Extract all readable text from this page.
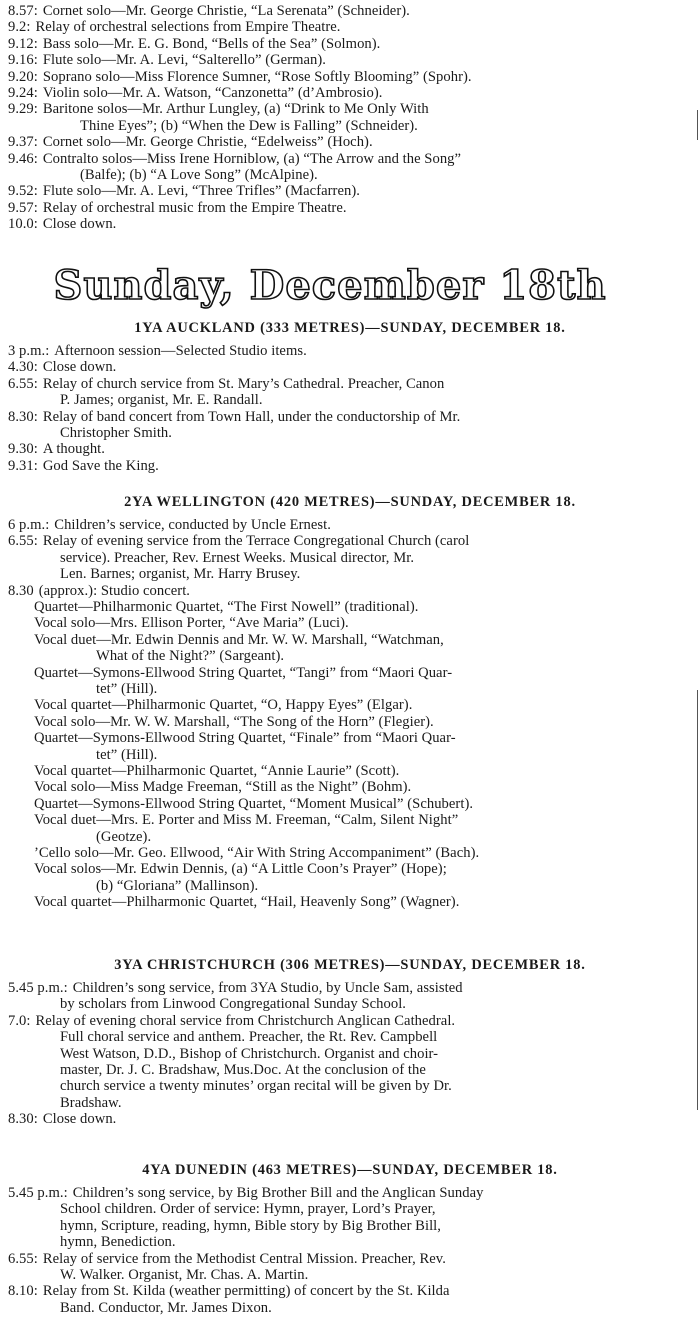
Sunday, December 18th
8.57: Cornet solo—Mr. George Christie, “La Serenata” (Schneider).
9.2: Relay of orchestral selections from Empire Theatre.
9.12: Bass solo—Mr. E. G. Bond, “Bells of the Sea” (Solmon).
9.16: Flute solo—Mr. A. Levi, “Salterello” (German).
9.20: Soprano solo—Miss Florence Sumner, “Rose Softly Blooming” (Spohr).
9.24: Violin solo—Mr. A. Watson, “Canzonetta” (d’Ambrosio).
9.29: Baritone solos—Mr. Arthur Lungley, (a) “Drink to Me Only With
Thine Eyes”; (b) “When the Dew is Falling” (Schneider).
9.37: Cornet solo—Mr. George Christie, “Edelweiss” (Hoch).
9.46: Contralto solos—Miss Irene Horniblow, (a) “The Arrow and the Song”
(Balfe); (b) “A Love Song” (McAlpine).
9.52: Flute solo—Mr. A. Levi, “Three Trifles” (Macfarren).
9.57: Relay of orchestral music from the Empire Theatre.
10.0: Close down.
1YA AUCKLAND (333 METRES)—SUNDAY, DECEMBER 18.
3 p.m.: Afternoon session—Selected Studio items.
4.30: Close down.
6.55: Relay of church service from St. Mary’s Cathedral. Preacher, Canon
P. James; organist, Mr. E. Randall.
8.30: Relay of band concert from Town Hall, under the conductorship of Mr.
Christopher Smith.
9.30: A thought.
9.31: God Save the King.
2YA WELLINGTON (420 METRES)—SUNDAY, DECEMBER 18.
6 p.m.: Children’s service, conducted by Uncle Ernest.
6.55: Relay of evening service from the Terrace Congregational Church (carol
service). Preacher, Rev. Ernest Weeks. Musical director, Mr.
Len. Barnes; organist, Mr. Harry Brusey.
8.30 (approx.): Studio concert.
Quartet—Philharmonic Quartet, “The First Nowell” (traditional).
Vocal solo—Mrs. Ellison Porter, “Ave Maria” (Luci).
Vocal duet—Mr. Edwin Dennis and Mr. W. W. Marshall, “Watchman,
What of the Night?” (Sargeant).
Quartet—Symons-Ellwood String Quartet, “Tangi” from “Maori Quar-
tet” (Hill).
Vocal quartet—Philharmonic Quartet, “O, Happy Eyes” (Elgar).
Vocal solo—Mr. W. W. Marshall, “The Song of the Horn” (Flegier).
Quartet—Symons-Ellwood String Quartet, “Finale” from “Maori Quar-
tet” (Hill).
Vocal quartet—Philharmonic Quartet, “Annie Laurie” (Scott).
Vocal solo—Miss Madge Freeman, “Still as the Night” (Bohm).
Quartet—Symons-Ellwood String Quartet, “Moment Musical” (Schubert).
Vocal duet—Mrs. E. Porter and Miss M. Freeman, “Calm, Silent Night”
(Geotze).
’Cello solo—Mr. Geo. Ellwood, “Air With String Accompaniment” (Bach).
Vocal solos—Mr. Edwin Dennis, (a) “A Little Coon’s Prayer” (Hope);
(b) “Gloriana” (Mallinson).
Vocal quartet—Philharmonic Quartet, “Hail, Heavenly Song” (Wagner).
3YA CHRISTCHURCH (306 METRES)—SUNDAY, DECEMBER 18.
5.45 p.m.: Children’s song service, from 3YA Studio, by Uncle Sam, assisted
by scholars from Linwood Congregational Sunday School.
7.0: Relay of evening choral service from Christchurch Anglican Cathedral.
Full choral service and anthem. Preacher, the Rt. Rev. Campbell
West Watson, D.D., Bishop of Christchurch. Organist and choir-
master, Dr. J. C. Bradshaw, Mus.Doc. At the conclusion of the
church service a twenty minutes’ organ recital will be given by Dr.
Bradshaw.
8.30: Close down.
4YA DUNEDIN (463 METRES)—SUNDAY, DECEMBER 18.
5.45 p.m.: Children’s song service, by Big Brother Bill and the Anglican Sunday
School children. Order of service: Hymn, prayer, Lord’s Prayer,
hymn, Scripture, reading, hymn, Bible story by Big Brother Bill,
hymn, Benediction.
6.55: Relay of service from the Methodist Central Mission. Preacher, Rev.
W. Walker. Organist, Mr. Chas. A. Martin.
8.10: Relay from St. Kilda (weather permitting) of concert by the St. Kilda
Band. Conductor, Mr. James Dixon.
